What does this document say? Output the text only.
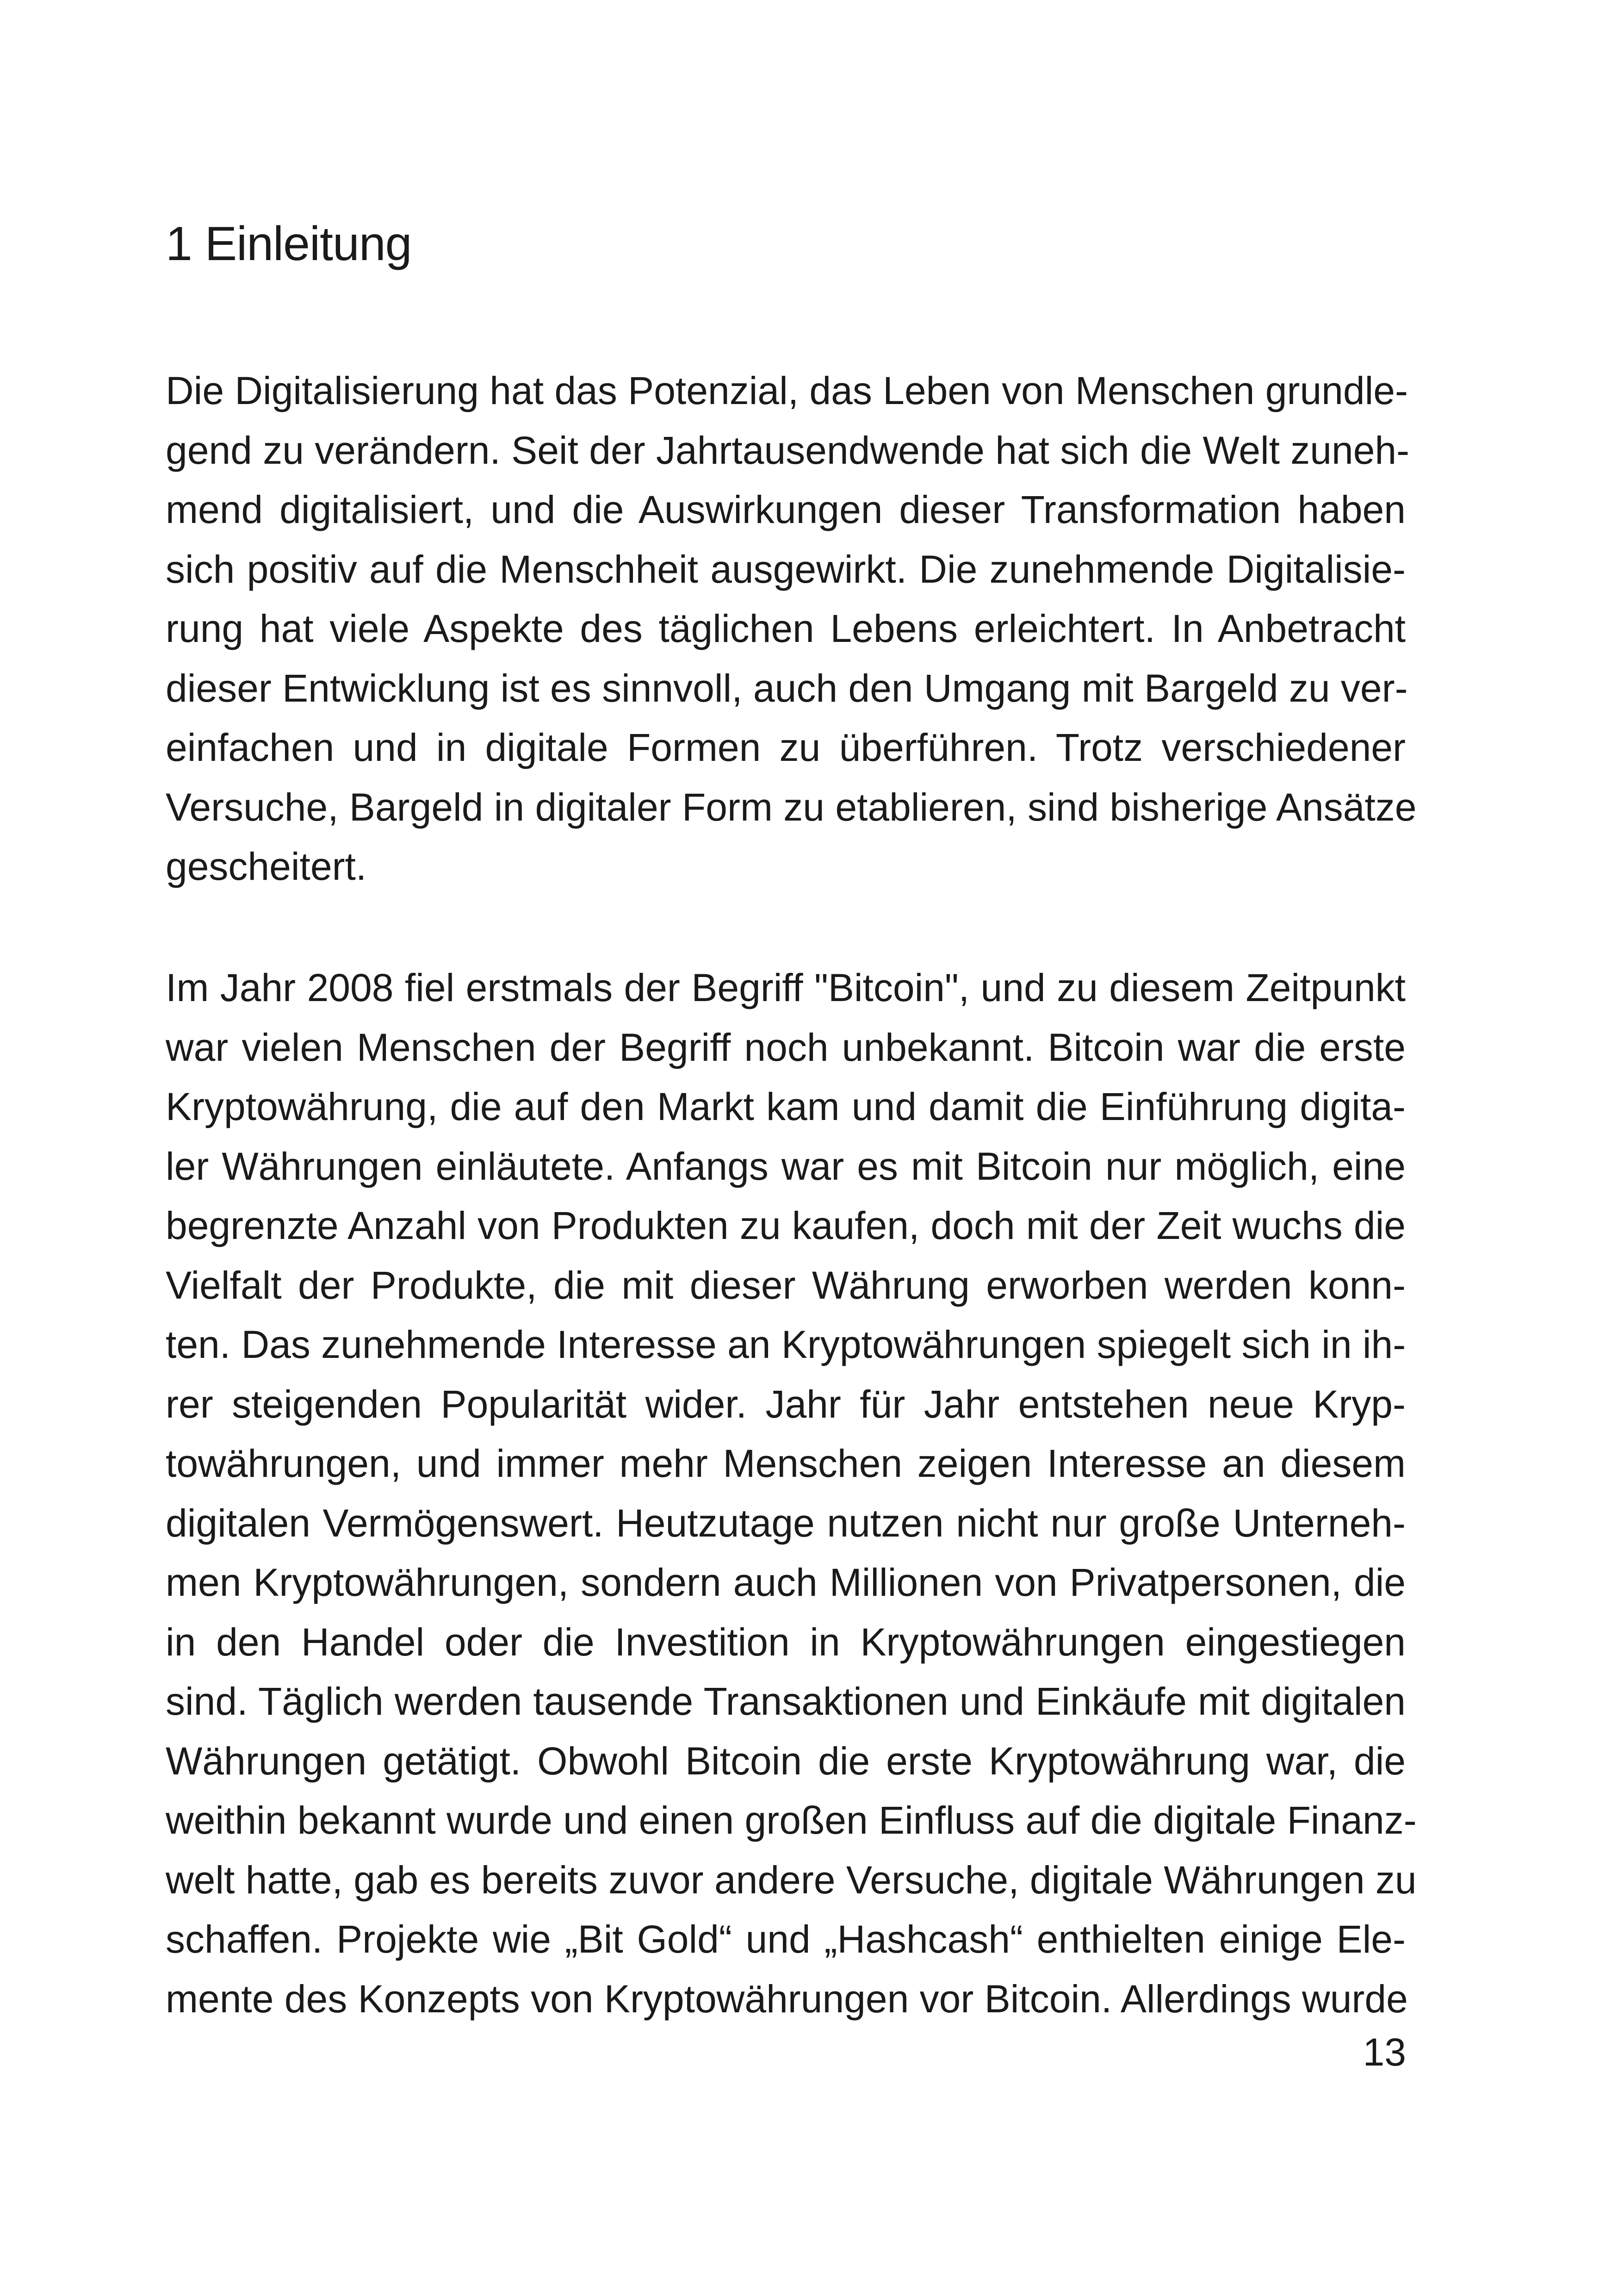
1 Einleitung
Die Digitalisierung hat das Potenzial, das Leben von Menschen grundle-
gend zu verändern. Seit der Jahrtausendwende hat sich die Welt zuneh-
mend digitalisiert, und die Auswirkungen dieser Transformation haben
sich positiv auf die Menschheit ausgewirkt. Die zunehmende Digitalisie-
rung hat viele Aspekte des täglichen Lebens erleichtert. In Anbetracht
dieser Entwicklung ist es sinnvoll, auch den Umgang mit Bargeld zu ver-
einfachen und in digitale Formen zu überführen. Trotz verschiedener
Versuche, Bargeld in digitaler Form zu etablieren, sind bisherige Ansätze
gescheitert.
Im Jahr 2008 fiel erstmals der Begriff "Bitcoin", und zu diesem Zeitpunkt
war vielen Menschen der Begriff noch unbekannt. Bitcoin war die erste
Kryptowährung, die auf den Markt kam und damit die Einführung digita-
ler Währungen einläutete. Anfangs war es mit Bitcoin nur möglich, eine
begrenzte Anzahl von Produkten zu kaufen, doch mit der Zeit wuchs die
Vielfalt der Produkte, die mit dieser Währung erworben werden konn-
ten. Das zunehmende Interesse an Kryptowährungen spiegelt sich in ih-
rer steigenden Popularität wider. Jahr für Jahr entstehen neue Kryp-
towährungen, und immer mehr Menschen zeigen Interesse an diesem
digitalen Vermögenswert. Heutzutage nutzen nicht nur große Unterneh-
men Kryptowährungen, sondern auch Millionen von Privatpersonen, die
in den Handel oder die Investition in Kryptowährungen eingestiegen
sind. Täglich werden tausende Transaktionen und Einkäufe mit digitalen
Währungen getätigt. Obwohl Bitcoin die erste Kryptowährung war, die
weithin bekannt wurde und einen großen Einfluss auf die digitale Finanz-
welt hatte, gab es bereits zuvor andere Versuche, digitale Währungen zu
schaffen. Projekte wie „Bit Gold“ und „Hashcash“ enthielten einige Ele-
mente des Konzepts von Kryptowährungen vor Bitcoin. Allerdings wurde
13
